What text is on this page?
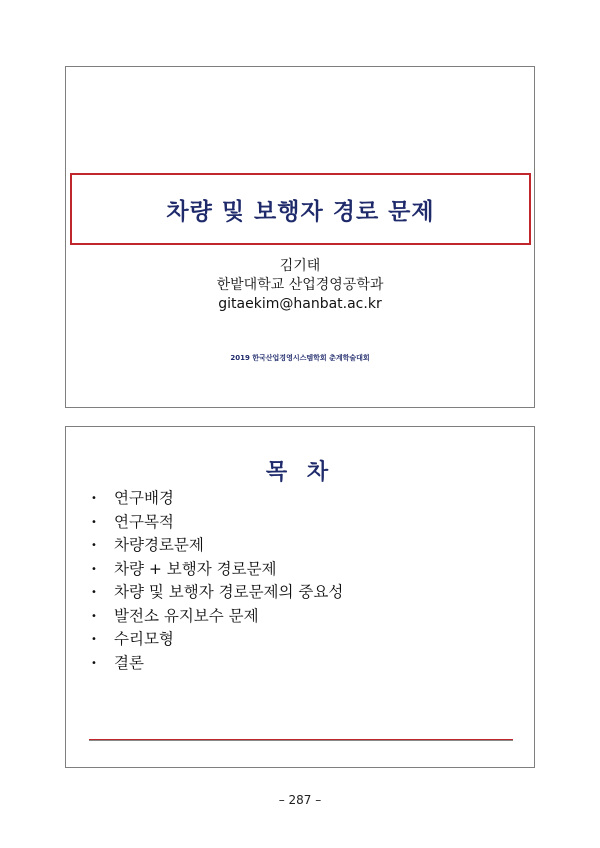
차량 및 보행자 경로 문제
김기태
한밭대학교 산업경영공학과
gitaekim@hanbat.ac.kr
2019 한국산업경영시스템학회 춘계학술대회
목 차
•	연구배경
•	연구목적
•	차량경로문제
•	차량 + 보행자 경로문제
•	차량 및 보행자 경로문제의 중요성
•	발전소 유지보수 문제
•	수리모형
•	결론
– 287 –
